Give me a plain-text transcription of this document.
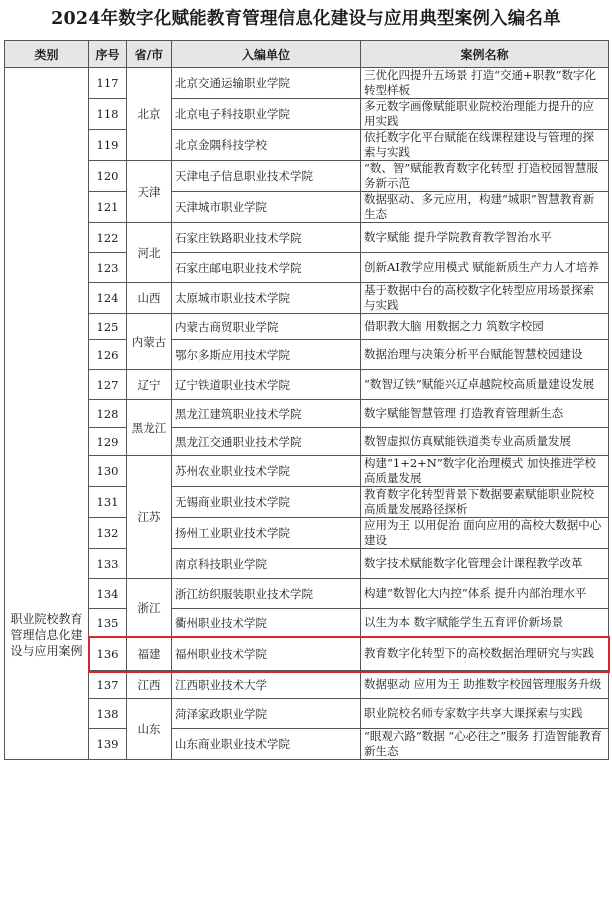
2024年数字化赋能教育管理信息化建设与应用典型案例入编名单
类别	序号	省/市	入编单位	案例名称
职业院校教育管理信息化建设与应用案例	117	北京	北京交通运输职业学院	三优化四提升五场景 打造“交通+职教”数字化转型样板
	118		北京电子科技职业学院	多元数字画像赋能职业院校治理能力提升的应用实践
	119		北京金隅科技学校	依托数字化平台赋能在线课程建设与管理的探索与实践
	120	天津	天津电子信息职业技术学院	“数、智”赋能教育数字化转型 打造校园智慧服务新示范
	121		天津城市职业学院	数据驱动、多元应用，构建“城职”智慧教育新生态
	122	河北	石家庄铁路职业技术学院	数字赋能 提升学院教育教学智治水平
	123		石家庄邮电职业技术学院	创新AI教学应用模式 赋能新质生产力人才培养
	124	山西	太原城市职业技术学院	基于数据中台的高校数字化转型应用场景探索与实践
	125	内蒙古	内蒙古商贸职业学院	借职教大脑 用数据之力 筑数字校园
	126		鄂尔多斯应用技术学院	数据治理与决策分析平台赋能智慧校园建设
	127	辽宁	辽宁铁道职业技术学院	“数智辽铁”赋能兴辽卓越院校高质量建设发展
	128	黑龙江	黑龙江建筑职业技术学院	数字赋能智慧管理 打造教育管理新生态
	129		黑龙江交通职业技术学院	数智虚拟仿真赋能铁道类专业高质量发展
	130	江苏	苏州农业职业技术学院	构建“1+2+N”数字化治理模式 加快推进学校高质量发展
	131		无锡商业职业技术学院	教育数字化转型背景下数据要素赋能职业院校高质量发展路径探析
	132		扬州工业职业技术学院	应用为王 以用促治 面向应用的高校大数据中心建设
	133		南京科技职业学院	数字技术赋能数字化管理会计课程教学改革
	134	浙江	浙江纺织服装职业技术学院	构建“数智化大内控”体系 提升内部治理水平
	135		衢州职业技术学院	以生为本 数字赋能学生五育评价新场景
	136	福建	福州职业技术学院	教育数字化转型下的高校数据治理研究与实践
	137	江西	江西职业技术大学	数据驱动 应用为王 助推数字校园管理服务升级
	138	山东	菏泽家政职业学院	职业院校名师专家数字共享大课探索与实践
	139		山东商业职业技术学院	“眼观六路”数据 “心必往之”服务 打造智能教育新生态
